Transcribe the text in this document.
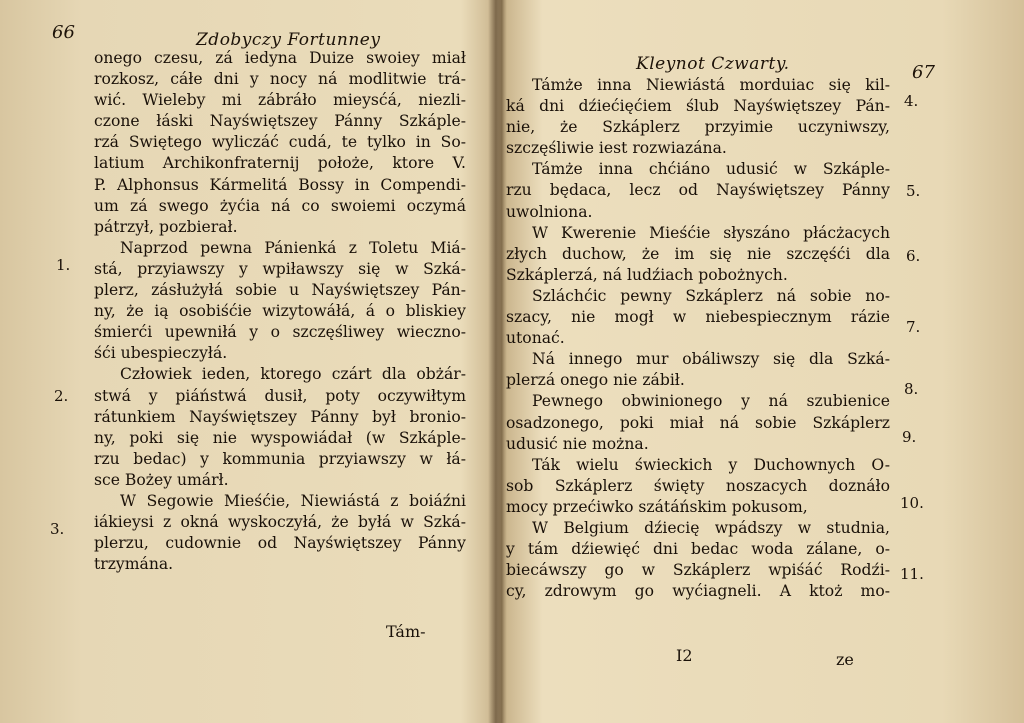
66	Zdobyczy Fortunney
1.
2.
3.
onego czesu, zá iedyna Duize swoiey miał
rozkosz, cáłe dni y nocy ná modlitwie trá-
wić. Wieleby mi zábráło mieysćá, niezli-
czone łáski Nayświętszey Pánny Szkáple-
rzá Swiętego wyliczáć cudá, te tylko in So-
latium Archikonfraternij położe, ktore V.
P. Alphonsus Kármelitá Bossy in Compendi-
um zá swego żyćia ná co swoiemi oczymá
pátrzył, pozbierał.
Naprzod pewna Pánienká z Toletu Miá-
stá, przyiawszy y wpiławszy się w Szká-
plerz, zásłużyłá sobie u Nayświętszey Pán-
ny, że ią osobiśćie wizytowáłá, á o bliskiey
śmierći upewniłá y o szczęśliwey wieczno-
śći ubespieczyłá.
Człowiek ieden, ktorego czárt dla obżár-
stwá y piáństwá dusił, poty oczywiłtym
rátunkiem Nayświętszey Pánny był broniо-
ny, poki się nie wyspowiádał (w Szkáple-
rzu bedac) y kommunia przyiawszy w łá-
sce Bożey umárł.
W Segowie Mieśćie, Niewiástá z boiáźni
iákieysi z okná wyskoczyłá, że byłá w Szká-
plerzu, cudownie od Nayświętszey Pánny
trzymána.
Tám-
Kleynot Czwarty.	67
4.
5.
6.
7.
8.
9.
10.
11.
Támże inna Niewiástá morduiac się kil-
ká dni dźiećięćiem ślub Nayświętszey Pán-
nie, że Szkáplerz przyimie uczyniwszy,
szczęśliwie iest rozwiazána.
Támże inna chćiáno udusić w Szkáple-
rzu będaca, lecz od Nayświętszey Pánny
uwolniona.
W Kwerenie Mieśćie słyszáno płácżacych
złych duchow, że im się nie szczęśći dla
Szkáplerzá, ná ludźiach pobożnych.
Szláchćic pewny Szkáplerz ná sobie no-
szacy, nie mogł w niebespiecznym rázie
utonać.
Ná innego mur obáliwszy się dla Szká-
plerzá onego nie zábił.
Pewnego obwinionego y ná szubienice
osadzonego, poki miał ná sobie Szkáplerz
udusić nie można.
Ták wielu świeckich y Duchownych O-
sob Szkáplerz święty noszacych doznáło
mocy przećiwko szátáńskim pokusom,
W Belgium dźiecię wpádszy w studnia,
y tám dźiewięć dni bedac woda zálane, o-
biecáwszy go w Szkáplerz wpiśáć Rodźi-
cy, zdrowym go wyćiagneli. A ktoż mo-
I2	ze
